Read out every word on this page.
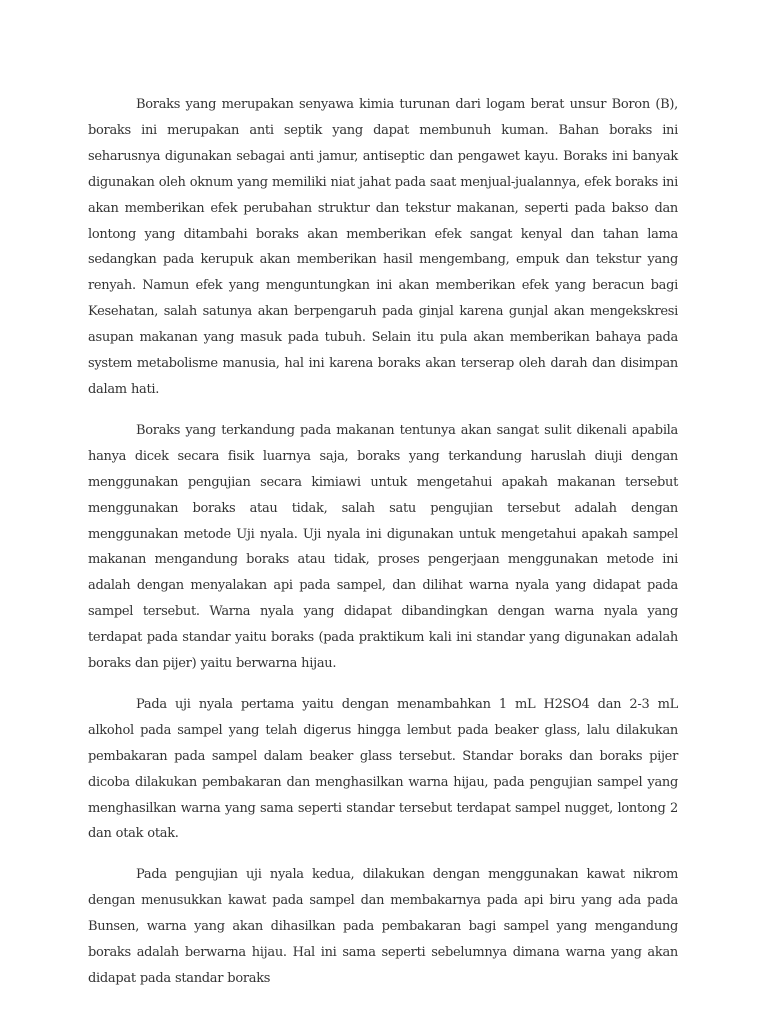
Boraks yang merupakan senyawa kimia turunan dari logam berat unsur Boron (B), boraks ini merupakan anti septik yang dapat membunuh kuman. Bahan boraks ini seharusnya digunakan sebagai anti jamur, antiseptic dan pengawet kayu. Boraks ini banyak digunakan oleh oknum yang memiliki niat jahat pada saat menjual-jualannya, efek boraks ini akan memberikan efek perubahan struktur dan tekstur makanan, seperti pada bakso dan lontong yang ditambahi boraks akan memberikan efek sangat kenyal dan tahan lama sedangkan pada kerupuk akan memberikan hasil mengembang, empuk dan tekstur yang renyah. Namun efek yang menguntungkan ini akan memberikan efek yang beracun bagi Kesehatan, salah satunya akan berpengaruh pada ginjal karena gunjal akan mengekskresi asupan makanan yang masuk pada tubuh. Selain itu pula akan memberikan bahaya pada system metabolisme manusia, hal ini karena boraks akan terserap oleh darah dan disimpan dalam hati.

Boraks yang terkandung pada makanan tentunya akan sangat sulit dikenali apabila hanya dicek secara fisik luarnya saja, boraks yang terkandung haruslah diuji dengan menggunakan pengujian secara kimiawi untuk mengetahui apakah makanan tersebut menggunakan boraks atau tidak, salah satu pengujian tersebut adalah dengan menggunakan metode Uji nyala. Uji nyala ini digunakan untuk mengetahui apakah sampel makanan mengandung boraks atau tidak, proses pengerjaan menggunakan metode ini adalah dengan menyalakan api pada sampel, dan dilihat warna nyala yang didapat pada sampel tersebut. Warna nyala yang didapat dibandingkan dengan warna nyala yang terdapat pada standar yaitu boraks (pada praktikum kali ini standar yang digunakan adalah boraks dan pijer) yaitu berwarna hijau.

Pada uji nyala pertama yaitu dengan menambahkan 1 mL H2SO4 dan 2-3 mL alkohol pada sampel yang telah digerus hingga lembut pada beaker glass, lalu dilakukan pembakaran pada sampel dalam beaker glass tersebut. Standar boraks dan boraks pijer dicoba dilakukan pembakaran dan menghasilkan warna hijau, pada pengujian sampel yang menghasilkan warna yang sama seperti standar tersebut terdapat sampel nugget, lontong 2 dan otak otak.

Pada pengujian uji nyala kedua, dilakukan dengan menggunakan kawat nikrom dengan menusukkan kawat pada sampel dan membakarnya pada api biru yang ada pada Bunsen, warna yang akan dihasilkan pada pembakaran bagi sampel yang mengandung boraks adalah berwarna hijau. Hal ini sama seperti sebelumnya dimana warna yang akan didapat pada standar boraks
